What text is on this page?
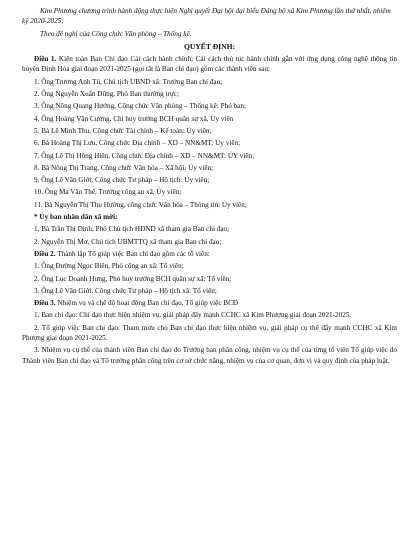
Kim Phượng chương trình hành động thực hiện Nghị quyết Đại hội đại biểu Đảng bộ xã Kim Phượng lần thứ nhất, nhiệm kỳ 2020-2025;

Theo đề nghị của Công chức Văn phòng – Thống kê.

QUYẾT ĐỊNH:
Điều 1. Kiện toàn Ban Chỉ đạo Cải cách hành chính; Cải cách thủ tục hành chính gắn với ứng dụng công nghệ thông tin huyện Định Hóa giai đoạn 2021-2025 (gọi tắt là Ban chỉ đạo) gồm các thành viên sau:
1. Ông Trương Anh Tú, Chủ tịch UBND xã: Trưởng Ban chỉ đạo;
2. Ông Nguyễn Xuân Dũng, Phó Ban thường trực;
3. Ông Nông Quang Hướng, Công chức Văn phòng – Thống kê: Phó ban;
4. Ông Hoàng Văn Cường, Chỉ huy trưởng BCH quân sự xã, Ủy viên
5. Bà Lê Minh Thu, Công chức Tài chính – Kế toán: Ủy viên;
6. Bà Hoàng Thị Lưu, Công chức Địa chính – XD – NN&MT: Ủy viên;
7. Ông Lê Thị Hồng Hiên, Công chức Địa chính – XD – NN&MT: ỦY viên;
8. Bà Nông Thị Trang, Công chức Văn hóa – Xã hội: Ủy viên;
9. Ông Lê Văn Giới, Công chức Tư pháp – Hộ tịch: Ủy viên;
10. Ông Ma Văn Thể, Trưởng công an xã, Ủy viên;
11. Bà Nguyễn Thị Thu Hường, công chức Văn hóa – Thông tin: Ủy viên;
* Ủy ban nhân dân xã mời:
1. Bà Trần Thị Dinh, Phó Chủ tịch HĐND xã tham gia Ban chỉ đạo;
2. Nguyễn Thị Mơ, Chủ tịch UBMTTQ xã tham gia Ban chỉ đạo;
Điều 2. Thành lập Tổ giúp việc Ban chỉ đạo gồm các tổ viên:
1. Ông Đường Ngọc Biên, Phó công an xã: Tổ viên;
2. Ông Lục Doanh Hưng, Phó huy trưởng BCH quân sự xã: Tổ viên;
3. Ông Lê Văn Giới, Công chức Tư pháp – Hộ tịch xã: Tổ viên;
Điều 3. Nhiệm vụ và chế độ hoạt động Ban chỉ đạo, Tổ giúp việc BCĐ
1. Ban chỉ đạo: Chỉ đạo thực hiện nhiệm vụ, giải pháp đẩy mạnh CCHC xã Kim Phượng giai đoạn 2021-2025.
2. Tổ giúp việc Ban chỉ đạo: Tham mưu cho Ban chỉ đạo thực hiện nhiệm vụ, giải pháp cụ thể đẩy mạnh CCHC xã Kim Phượng giai đoạn 2021-2025.
3. Nhiệm vụ cụ thể của thành viên Ban chỉ đạo do Trưởng ban phân công, nhiệm vụ cụ thể của từng tổ viên Tổ giúp việc do Thành viên Ban chỉ đạo và Tổ trưởng phân công trên cơ sở chức năng, nhiệm vụ của cơ quan, đơn vị và quy định của pháp luật.
